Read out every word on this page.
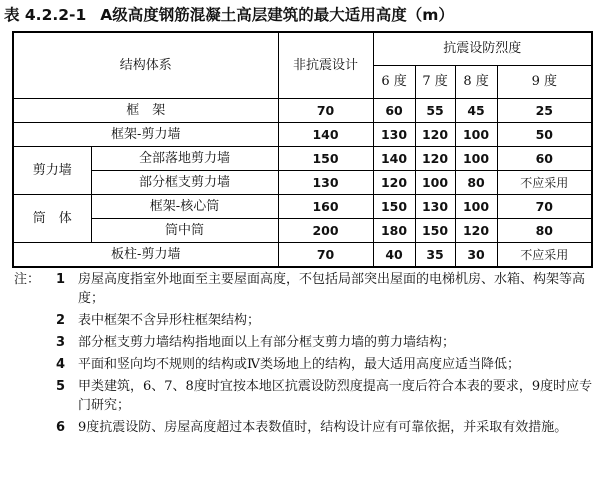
表 4.2.2-1 A级高度钢筋混凝土高层建筑的最大适用高度（m）
结构体系		非抗震设计	抗震设防烈度			
			6 度	7 度	8 度	9 度
框　架		70	60	55	45	25
框架-剪力墙		140	130	120	100	50
剪力墙	全部落地剪力墙	150	140	120	100	60
	部分框支剪力墙	130	120	100	80	不应采用
筒　体	框架-核心筒	160	150	130	100	70
	筒中筒	200	180	150	120	80
板柱-剪力墙		70	40	35	30	不应采用
注： 1 房屋高度指室外地面至主要屋面高度，不包括局部突出屋面的电梯机房、水箱、构架等高度；
2 表中框架不含异形柱框架结构；
3 部分框支剪力墙结构指地面以上有部分框支剪力墙的剪力墙结构；
4 平面和竖向均不规则的结构或Ⅳ类场地上的结构，最大适用高度应适当降低；
5 甲类建筑，6、7、8度时宜按本地区抗震设防烈度提高一度后符合本表的要求，9度时应专门研究；
6 9度抗震设防、房屋高度超过本表数值时，结构设计应有可靠依据，并采取有效措施。
